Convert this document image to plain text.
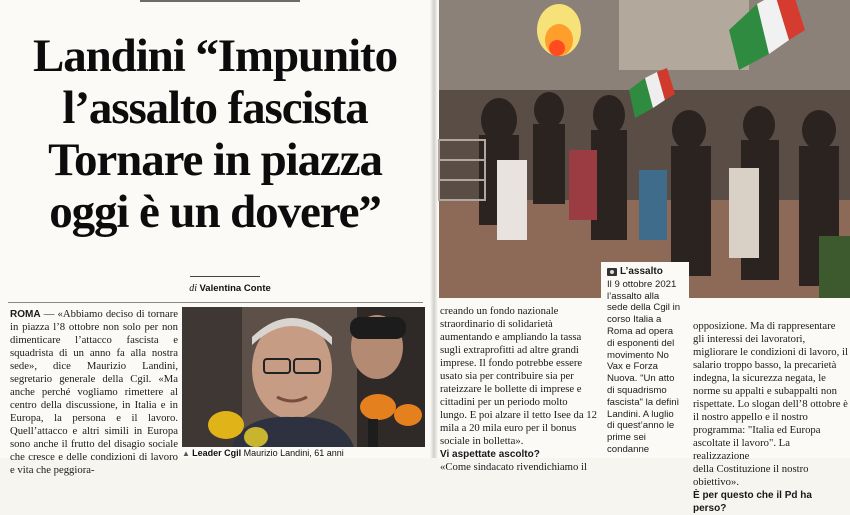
Landini “Impunito
l’assalto fascista
Tornare in piazza
oggi è un dovere”
di Valentina Conte
ROMA — «Abbiamo deciso di tornare in piazza l’8 ottobre non solo per non dimenticare l’attacco fascista e squadrista di un anno fa alla nostra sede», dice Maurizio Landini, segretario generale della Cgil. «Ma anche perché vogliamo rimettere al centro della discussione, in Italia e in Europa, la persona e il lavoro. Quell’attacco e altri simili in Europa sono anche il frutto del disagio sociale che cresce e delle condizioni di lavoro e vita che peggiora-
▲ Leader Cgil Maurizio Landini, 61 anni
L’assalto
Il 9 ottobre 2021
l’assalto alla
sede della Cgil in
corso Italia a
Roma ad opera
di esponenti del
movimento No
Vax e Forza
Nuova. "Un atto
di squadrismo
fascista" la definì
Landini. A luglio
di quest’anno le
prime sei
condanne
creando un fondo nazionale
straordinario di solidarietà
aumentando e ampliando la tassa
sugli extraprofitti ad altre grandi
imprese. Il fondo potrebbe essere
usato sia per contribuire sia per
rateizzare le bollette di imprese e
cittadini per un periodo molto
lungo. E poi alzare il tetto Isee da 12
mila a 20 mila euro per il bonus
sociale in bolletta».
Vi aspettate ascolto?
«Come sindacato rivendichiamo il
opposizione. Ma di rappresentare
gli interessi dei lavoratori,
migliorare le condizioni di lavoro, il
salario troppo basso, la precarietà
indegna, la sicurezza negata, le
norme su appalti e subappalti non
rispettate. Lo slogan dell’8 ottobre è
il nostro appello e il nostro
programma: "Italia ed Europa
ascoltate il lavoro". La realizzazione
della Costituzione il nostro
obiettivo».
È per questo che il Pd ha perso?
